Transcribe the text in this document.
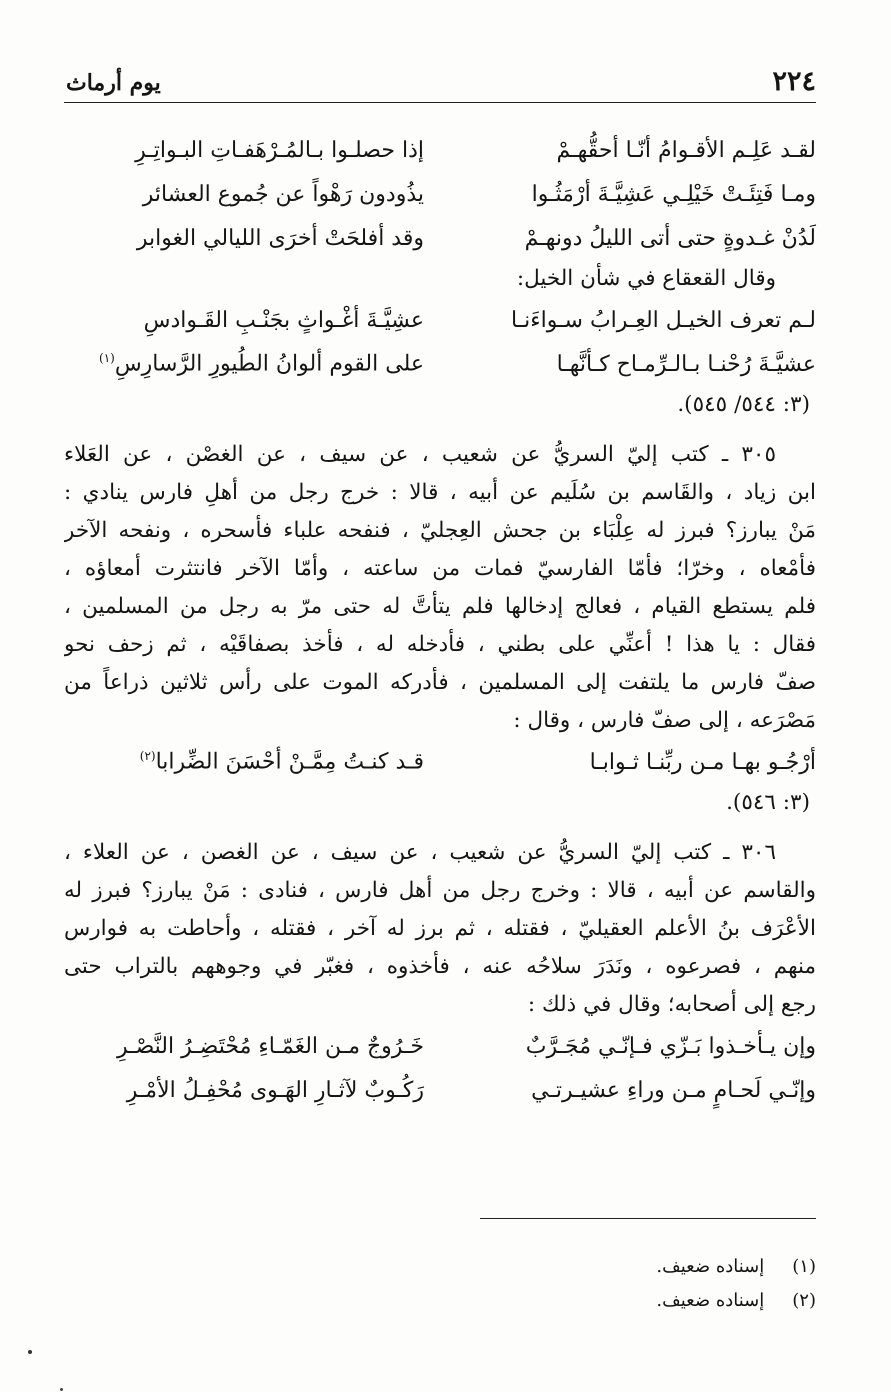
٢٢٤
يوم أرماث
لقـد عَلِـم الأقـوامُ أنّـا أحقُّهـمْ
إذا حصلـوا بـالمُـرْهَفـاتِ البـواتِـرِ
ومـا فَتِئَـتْ خَيْلِـي عَشِيَّـةَ أرْمَثُـوا
يذُودون رَهْواً عن جُموع العشائر
لَدُنْ غـدوةٍ حتى أتى الليلُ دونهـمْ
وقد أفلحَتْ أخرَى الليالي الغوابر
وقال القعقاع في شأن الخيل:
لـم تعرف الخيـل العِـرابُ سـواءَنـا
عشِيَّـةَ أغْـواثٍ بجَنْـبِ القَـوادسِ
عشيَّـةَ رُحْنـا بـالـرِّمـاح كـأنَّهـا
على القوم ألوانُ الطُيورِ الرَّسارِسِ$^{(١)}$
(٣: ٥٤٤/ ٥٤٥).
٣٠٥ ـ كتب إليّ السريُّ عن شعيب ، عن سيف ، عن الغصْن ، عن العَلاء
ابن زياد ، والقَاسم بن سُلَيم عن أبيه ، قالا : خرج رجل من أهلِ فارس ينادي :
مَنْ يبارز؟ فبرز له عِلْبَاء بن جحش العِجليّ ، فنفحه علباء فأسحره ، ونفحه الآخر
فأمْعاه ، وخرّا؛ فأمّا الفارسيّ فمات من ساعته ، وأمّا الآخر فانتثرت أمعاؤه ،
فلم يستطع القيام ، فعالج إدخالها فلم يتأتَّ له حتى مرّ به رجل من المسلمين ،
فقال : يا هذا ! أعنِّي على بطني ، فأدخله له ، فأخذ بصفاقَيْه ، ثم زحف نحو
صفّ فارس ما يلتفت إلى المسلمين ، فأدركه الموت على رأس ثلاثين ذراعاً من
مَصْرَعه ، إلى صفّ فارس ، وقال :
أرْجُـو بهـا مـن ربِّنـا ثـوابـا
قـد كنـتُ مِمَّـنْ أحْسَنَ الضِّرابا$^{(٢)}$
(٣: ٥٤٦).
٣٠٦ ـ كتب إليّ السريُّ عن شعيب ، عن سيف ، عن الغصن ، عن العلاء ،
والقاسم عن أبيه ، قالا : وخرج رجل من أهل فارس ، فنادى : مَنْ يبارز؟ فبرز له
الأعْرَف بنُ الأعلم العقيليّ ، فقتله ، ثم برز له آخر ، فقتله ، وأحاطت به فوارس
منهم ، فصرعوه ، ونَدَرَ سلاحُه عنه ، فأخذوه ، فغبّر في وجوههم بالتراب حتى
رجع إلى أصحابه؛ وقال في ذلك :
وإن يـأخـذوا بَـزّي فـإنّـي مُجَـرَّبٌ
خَـرُوجٌ مـن الغَمّـاءِ مُحْتَضِـرُ النَّصْـرِ
وإنّـي لَحـامٍ مـن وراءِ عشيـرتـي
رَكُـوبٌ لآثـارِ الهَـوى مُحْفِـلُ الأمْـرِ
(١) إسناده ضعيف.
(٢) إسناده ضعيف.
